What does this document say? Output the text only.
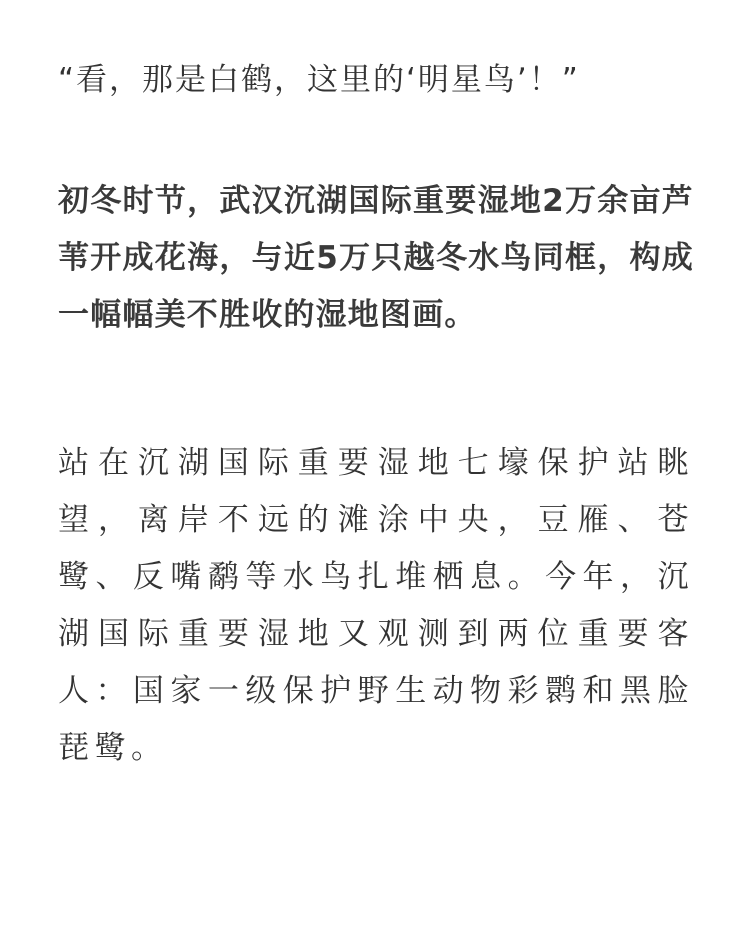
“看，那是白鹤，这里的‘明星鸟’！”

初冬时节，武汉沉湖国际重要湿地2万余亩芦苇开成花海，与近5万只越冬水鸟同框，构成一幅幅美不胜收的湿地图画。

站在沉湖国际重要湿地七壕保护站眺望，离岸不远的滩涂中央，豆雁、苍鹭、反嘴鹬等水鸟扎堆栖息。今年，沉湖国际重要湿地又观测到两位重要客人：国家一级保护野生动物彩鹮和黑脸琵鹭。
